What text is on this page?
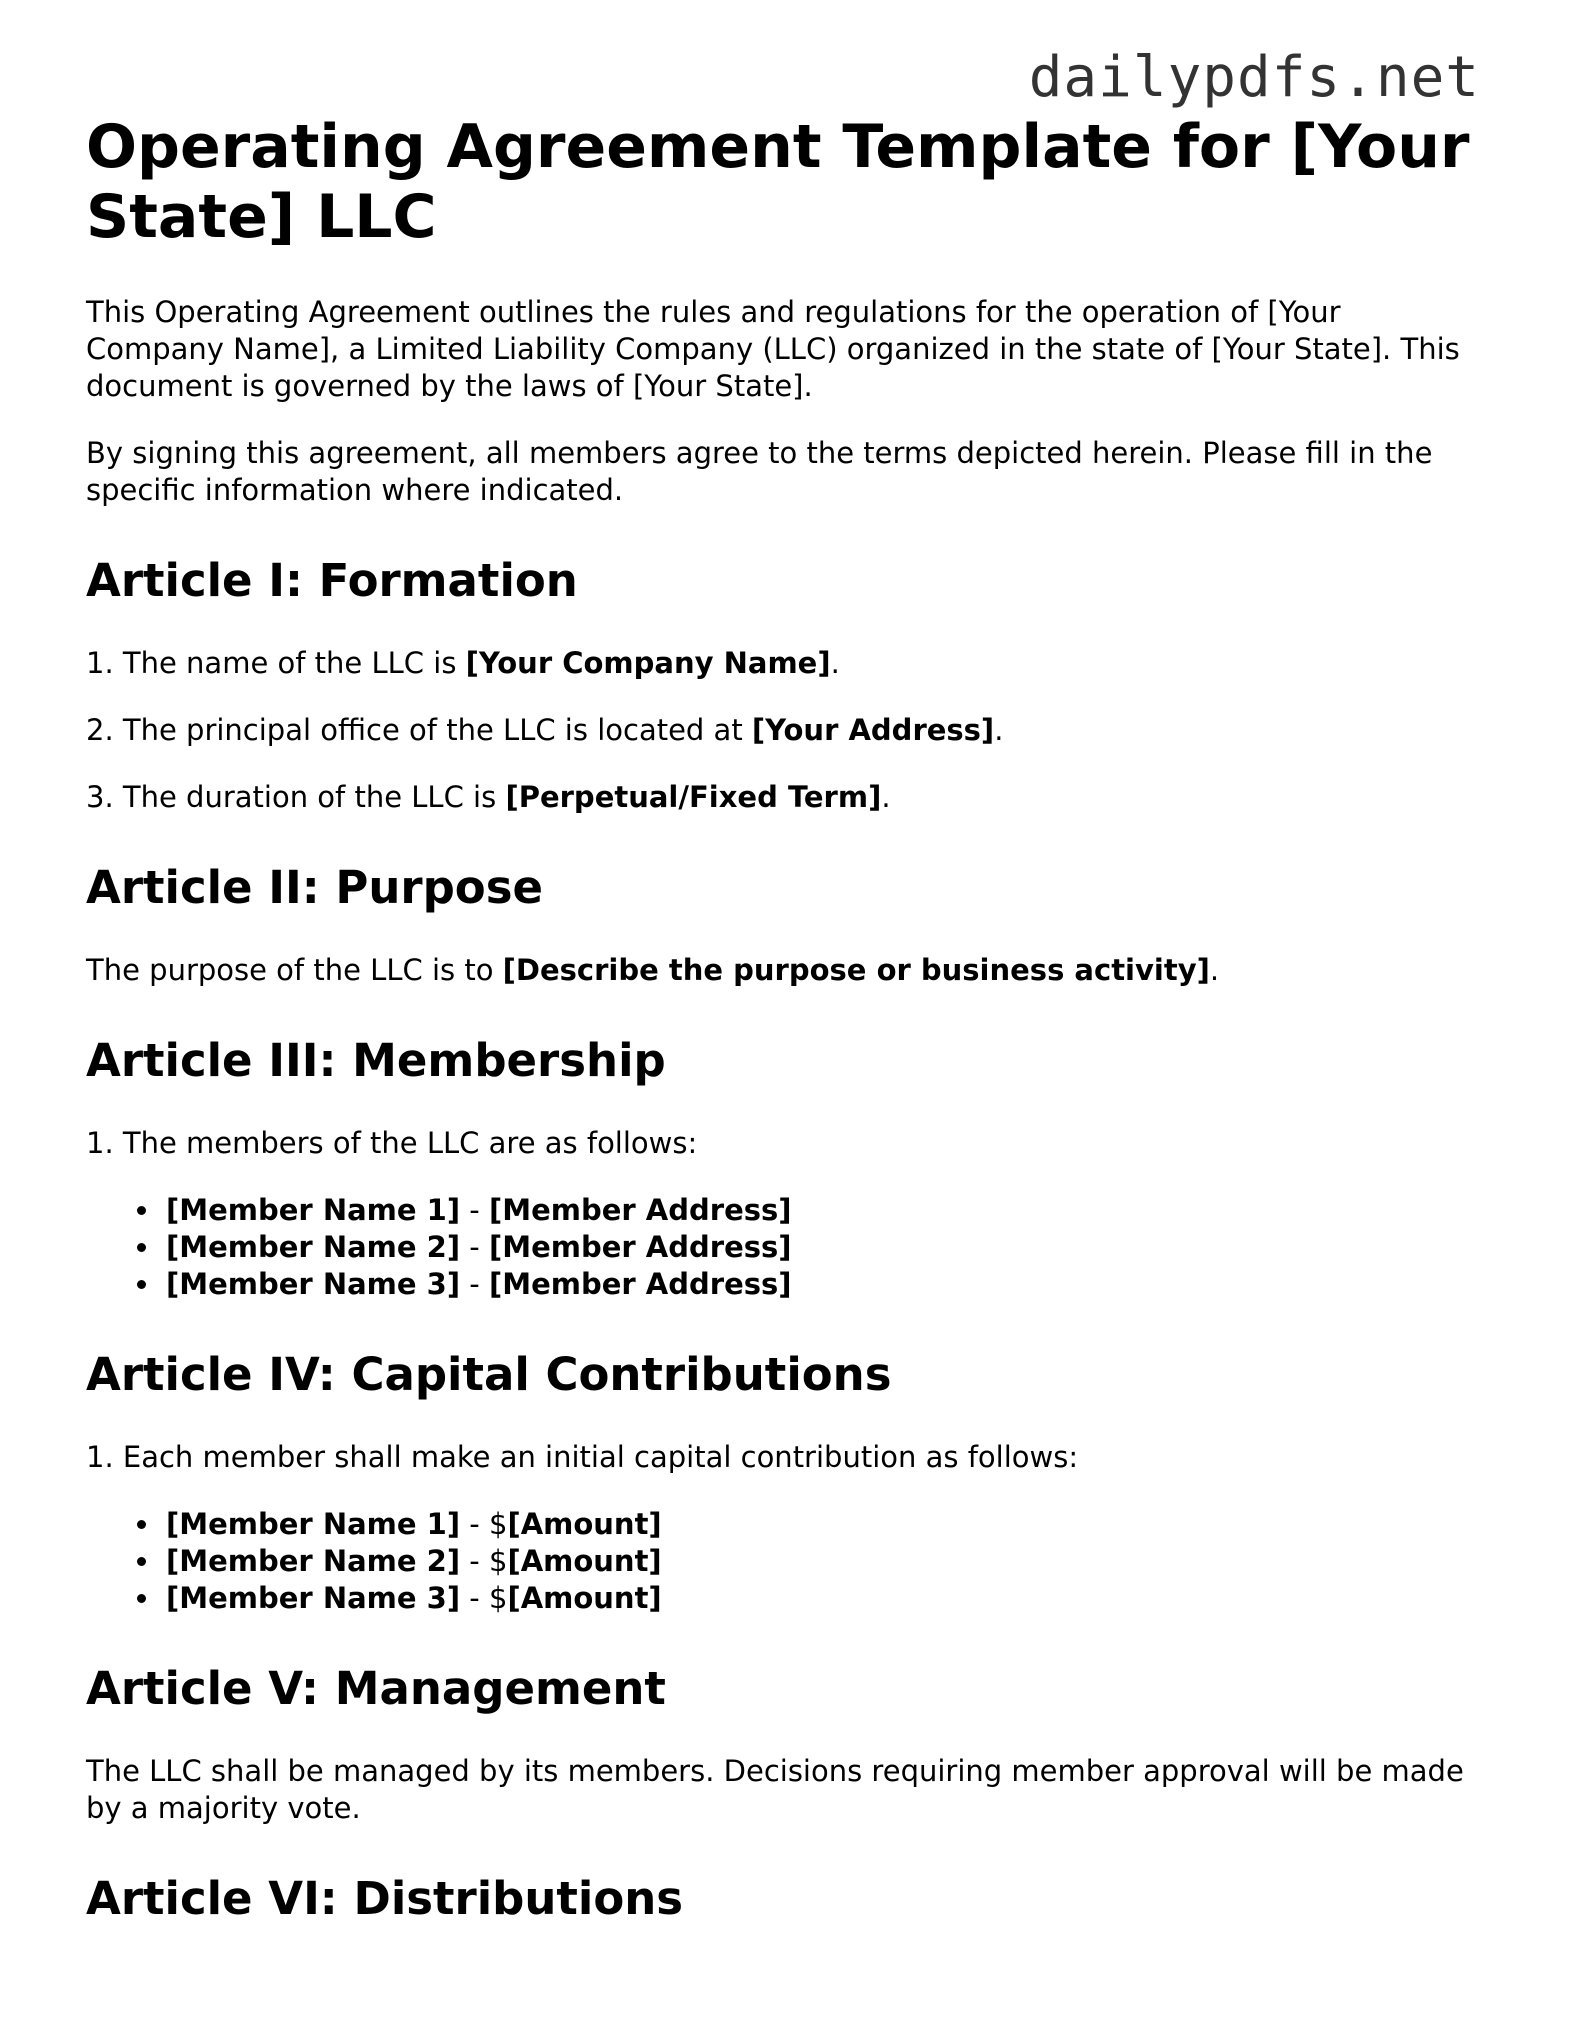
dailypdfs.net
Operating Agreement Template for [Your State] LLC

This Operating Agreement outlines the rules and regulations for the operation of [Your Company Name], a Limited Liability Company (LLC) organized in the state of [Your State]. This document is governed by the laws of [Your State].

By signing this agreement, all members agree to the terms depicted herein. Please fill in the specific information where indicated.

Article I: Formation

1. The name of the LLC is [Your Company Name].

2. The principal office of the LLC is located at [Your Address].

3. The duration of the LLC is [Perpetual/Fixed Term].

Article II: Purpose

The purpose of the LLC is to [Describe the purpose or business activity].

Article III: Membership

1. The members of the LLC are as follows:

• [Member Name 1] - [Member Address]
• [Member Name 2] - [Member Address]
• [Member Name 3] - [Member Address]
Article IV: Capital Contributions

1. Each member shall make an initial capital contribution as follows:

• [Member Name 1] - $[Amount]
• [Member Name 2] - $[Amount]
• [Member Name 3] - $[Amount]
Article V: Management

The LLC shall be managed by its members. Decisions requiring member approval will be made by a majority vote.

Article VI: Distributions
